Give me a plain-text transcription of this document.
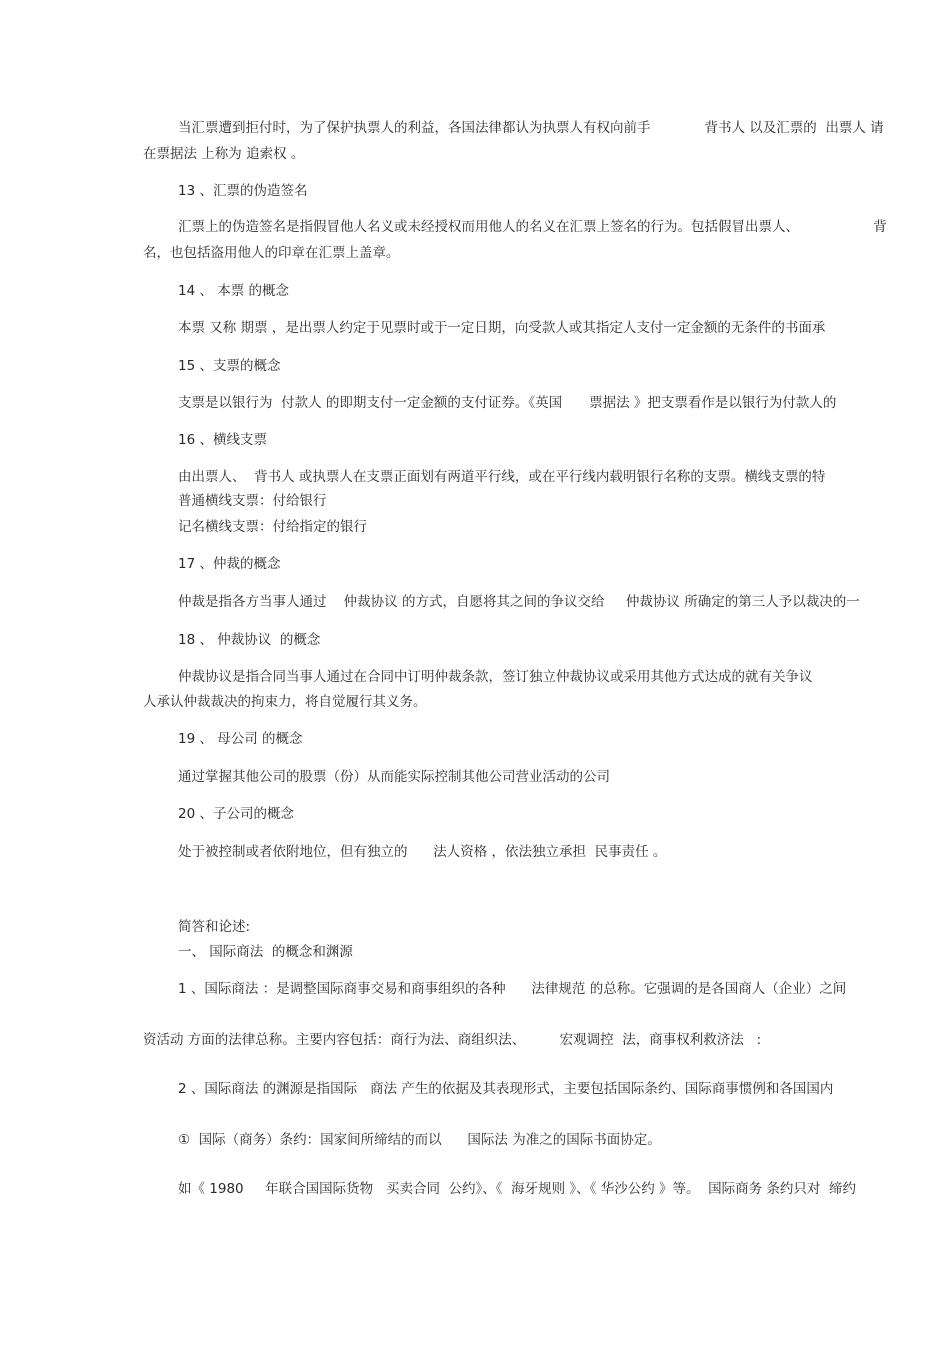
当汇票遭到拒付时，为了保护执票人的利益，各国法律都认为执票人有权向前手　　　　背书人 以及汇票的  出票人 请
在票据法 上称为 追索权 。
13 、汇票的伪造签名
汇票上的伪造签名是指假冒他人名义或未经授权而用他人的名义在汇票上签名的行为。包括假冒出票人、　　　　　　背
名，也包括盗用他人的印章在汇票上盖章。
14 、 本票 的概念
本票 又称 期票 ，是出票人约定于见票时或于一定日期，向受款人或其指定人支付一定金额的无条件的书面承
15 、支票的概念
支票是以银行为  付款人 的即期支付一定金额的支付证券。《英国　　票据法 》把支票看作是以银行为付款人的
16 、横线支票
由出票人、  背书人 或执票人在支票正面划有两道平行线，或在平行线内载明银行名称的支票。横线支票的特
普通横线支票：付给银行
记名横线支票：付给指定的银行
17 、仲裁的概念
仲裁是指各方当事人通过    仲裁协议 的方式，自愿将其之间的争议交给     仲裁协议 所确定的第三人予以裁决的一
18 、 仲裁协议  的概念
仲裁协议是指合同当事人通过在合同中订明仲裁条款，签订独立仲裁协议或采用其他方式达成的就有关争议
人承认仲裁裁决的拘束力，将自觉履行其义务。
19 、 母公司 的概念
通过掌握其他公司的股票（份）从而能实际控制其他公司营业活动的公司
20 、子公司的概念
处于被控制或者依附地位，但有独立的      法人资格 ，依法独立承担  民事责任 。
简答和论述:
一、 国际商法  的概念和渊源
1 、国际商法 ：是调整国际商事交易和商事组织的各种      法律规范 的总称。它强调的是各国商人（企业）之间
资活动 方面的法律总称。主要内容包括：商行为法、商组织法、        宏观调控  法，商事权利救济法   :
2 、国际商法 的渊源是指国际   商法 产生的依据及其表现形式，主要包括国际条约、国际商事惯例和各国国内
①  国际（商务）条约：国家间所缔结的而以      国际法 为准之的国际书面协定。
如《 1980     年联合国国际货物   买卖合同  公约》、《  海牙规则 》、《 华沙公约 》等。  国际商务 条约只对  缔约
